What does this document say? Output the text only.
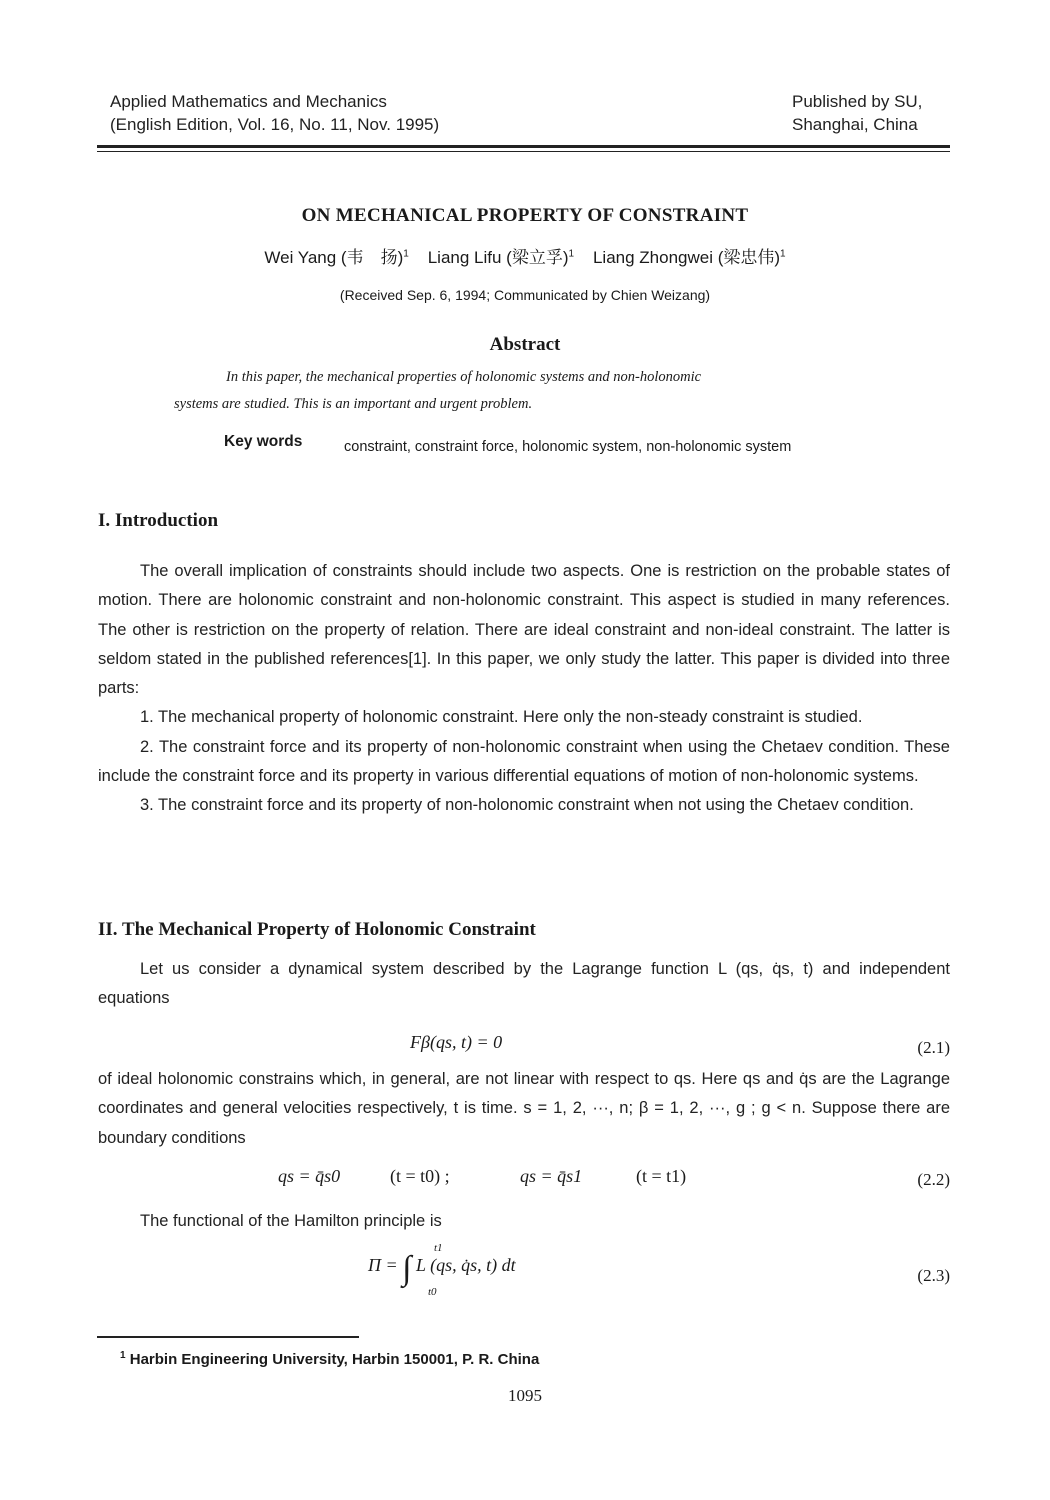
Applied Mathematics and Mechanics
(English Edition, Vol. 16, No. 11, Nov. 1995)
Published by SU,
Shanghai, China
ON MECHANICAL PROPERTY OF CONSTRAINT
Wei Yang (韦　扬)$^1$ Liang Lifu (梁立孚)$^1$ Liang Zhongwei (梁忠伟)$^1$
(Received Sep. 6, 1994; Communicated by Chien Weizang)
Abstract
In this paper, the mechanical properties of holonomic systems and non-holonomic
systems are studied. This is an important and urgent problem.
Key words	constraint, constraint force, holonomic system, non-holonomic system
I. Introduction

The overall implication of constraints should include two aspects. One is restriction on the probable states of motion. There are holonomic constraint and non-holonomic constraint. This aspect is studied in many references. The other is restriction on the property of relation. There are ideal constraint and non-ideal constraint. The latter is seldom stated in the published references[1]. In this paper, we only study the latter. This paper is divided into three parts:

1. The mechanical property of holonomic constraint. Here only the non-steady constraint is studied.

2. The constraint force and its property of non-holonomic constraint when using the Chetaev condition. These include the constraint force and its property in various differential equations of motion of non-holonomic systems.

3. The constraint force and its property of non-holonomic constraint when not using the Chetaev condition.

II. The Mechanical Property of Holonomic Constraint

Let us consider a dynamical system described by the Lagrange function L (qs, q̇s, t) and independent equations

Fβ(qs, t) = 0	(2.1)

of ideal holonomic constrains which, in general, are not linear with respect to qs. Here qs and q̇s are the Lagrange coordinates and general velocities respectively, t is time. s = 1, 2, ···, n; β = 1, 2, ···, g ; g < n. Suppose there are boundary conditions

qs = q̄s0	(t = t0) ;	qs = q̄s1	(t = t1)	(2.2)

The functional of the Hamilton principle is

Π = ∫
t1
t0
L (qs, q̇s, t) dt
(2.3)
$^1$ Harbin Engineering University, Harbin 150001, P. R. China
1095
